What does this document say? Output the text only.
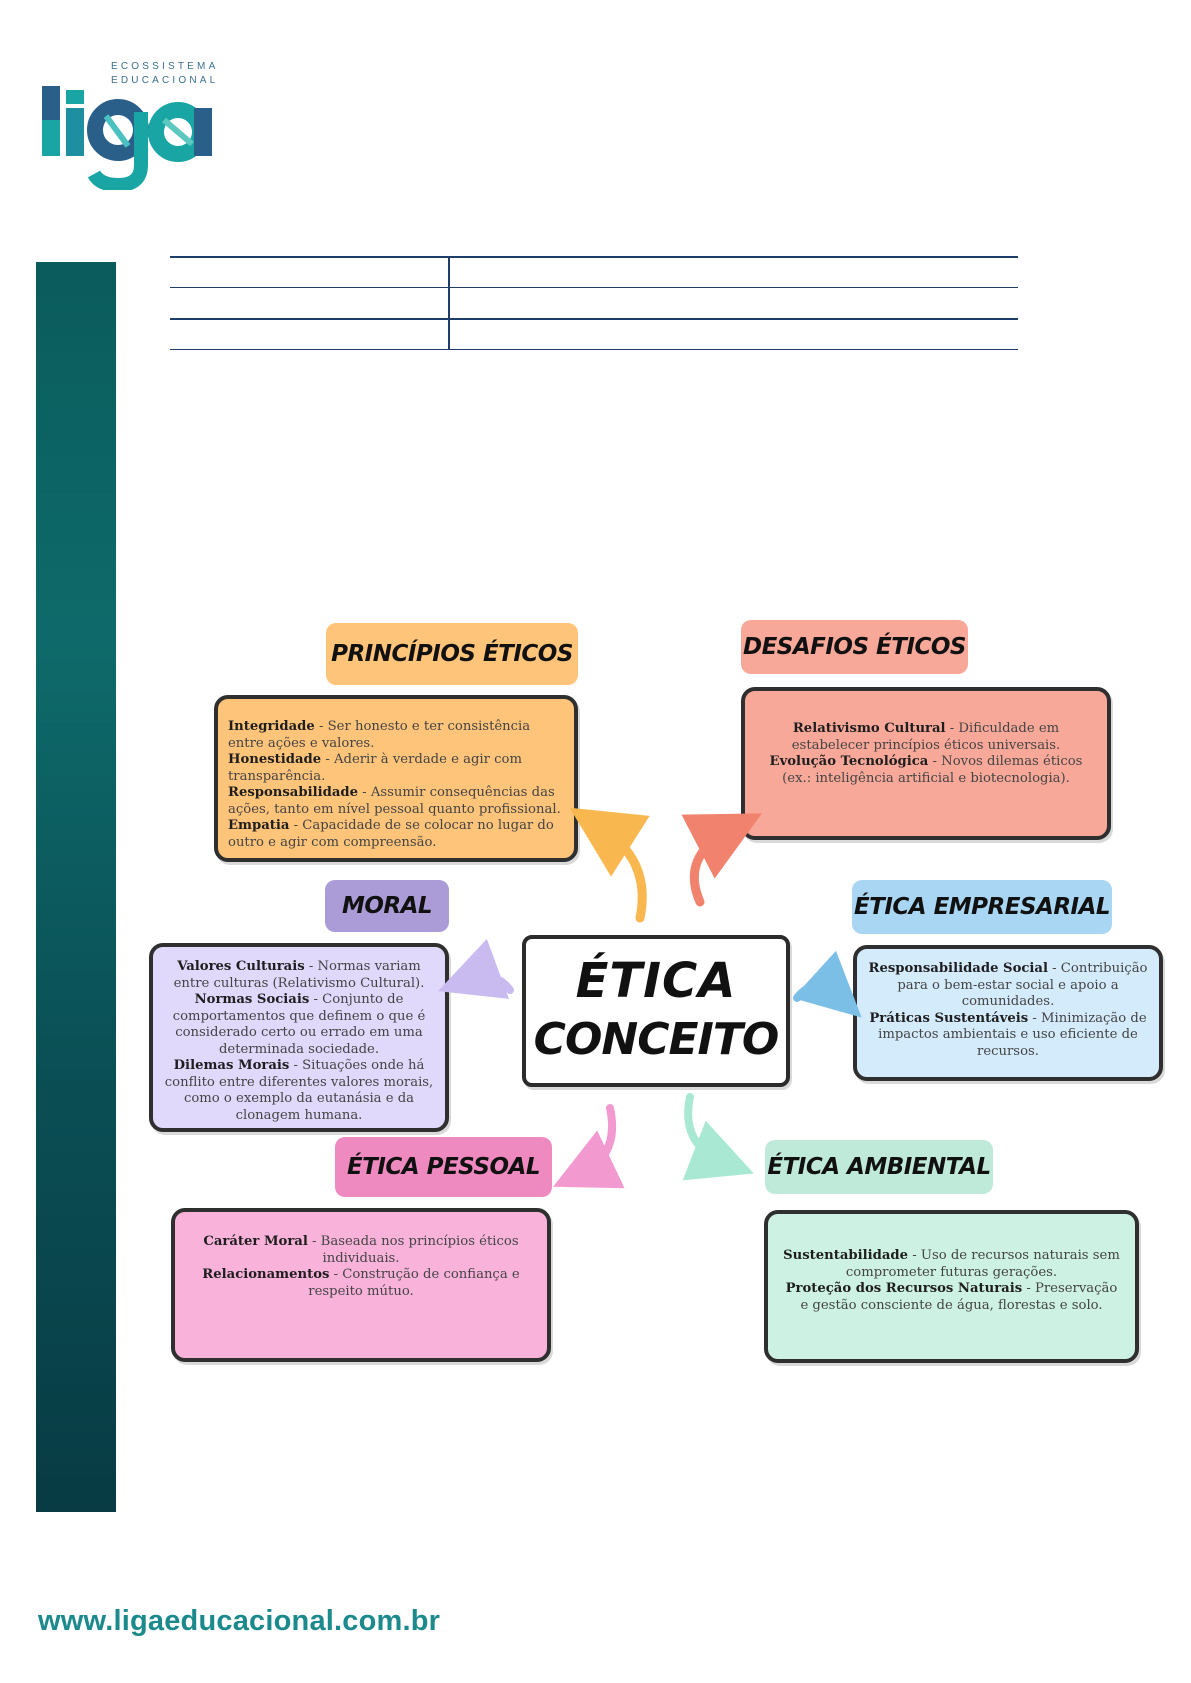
ECOSSISTEMA
EDUCACIONAL
PRINCÍPIOS ÉTICOS
Integridade - Ser honesto e ter consistência entre ações e valores.
Honestidade - Aderir à verdade e agir com transparência.
Responsabilidade - Assumir consequências das ações, tanto em nível pessoal quanto profissional.
Empatia - Capacidade de se colocar no lugar do outro e agir com compreensão.
DESAFIOS ÉTICOS
Relativismo Cultural - Dificuldade em estabelecer princípios éticos universais.
Evolução Tecnológica - Novos dilemas éticos (ex.: inteligência artificial e biotecnologia).
MORAL
Valores Culturais - Normas variam entre culturas (Relativismo Cultural).
Normas Sociais - Conjunto de comportamentos que definem o que é considerado certo ou errado em uma determinada sociedade.
Dilemas Morais - Situações onde há conflito entre diferentes valores morais, como o exemplo da eutanásia e da clonagem humana.
ÉTICA
CONCEITO
ÉTICA EMPRESARIAL
Responsabilidade Social - Contribuição para o bem-estar social e apoio a comunidades.
Práticas Sustentáveis - Minimização de impactos ambientais e uso eficiente de recursos.
ÉTICA PESSOAL
Caráter Moral - Baseada nos princípios éticos individuais.
Relacionamentos - Construção de confiança e respeito mútuo.
ÉTICA AMBIENTAL
Sustentabilidade - Uso de recursos naturais sem comprometer futuras gerações.
Proteção dos Recursos Naturais - Preservação e gestão consciente de água, florestas e solo.
www.ligaeducacional.com.br
